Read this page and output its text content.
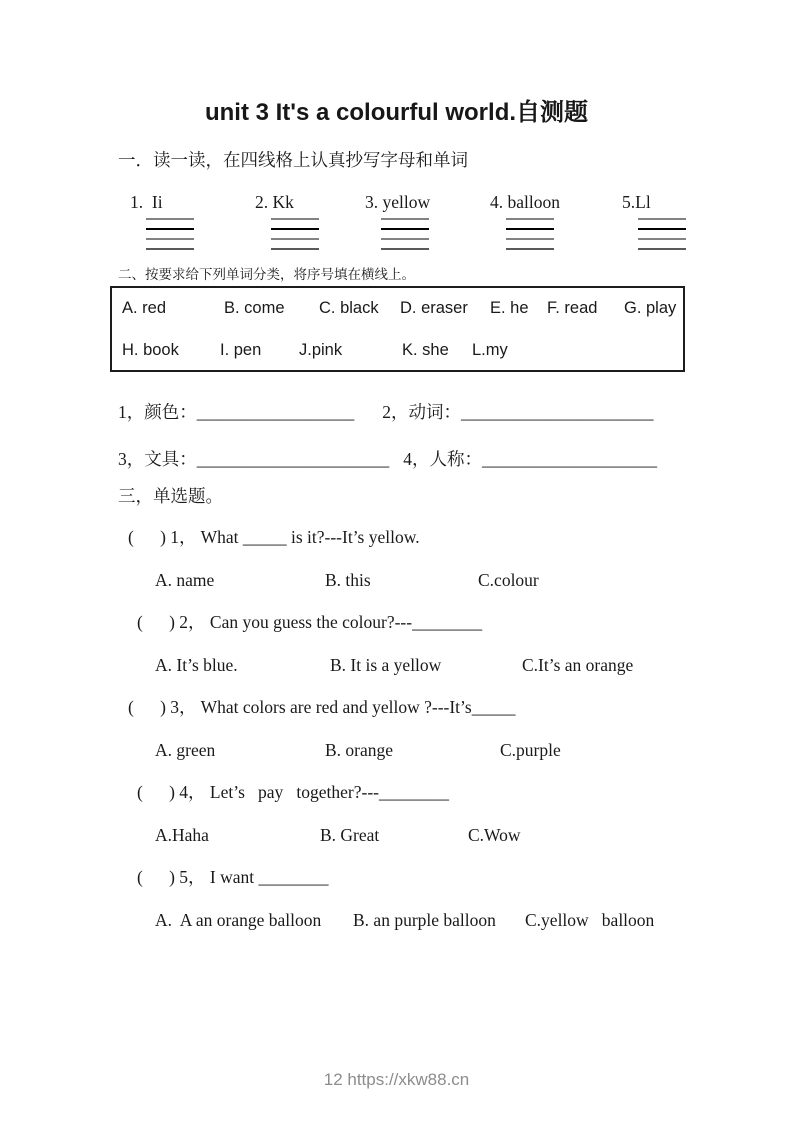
unit 3 It's a colourful world.自测题
一．读一读，在四线格上认真抄写字母和单词
1.  Ii	2. Kk	3. yellow	4. balloon	5.Ll
二、按要求给下列单词分类，将序号填在横线上。
A. red	B. come	C. black	D. eraser	E. he	F. read	G. play
H. book	I. pen	J.pink	K. she	L.my
1，颜色：__________________ 2，动词：______________________
3，文具：______________________ 4，人称：____________________
三，单选题。
(      ) 1， What _____ is it?---It’s yellow.
A. name	B. this	C.colour
(      ) 2， Can you guess the colour?---________
A. It’s blue.	B. It is a yellow	C.It’s an orange
(      ) 3， What colors are red and yellow ?---It’s_____
A. green	B. orange	C.purple
(      ) 4， Let’s   pay   together?---________
A.Haha	B. Great	C.Wow
(      ) 5， I want ________
A.  A an orange balloon	B. an purple balloon	C.yellow   balloon
12 https://xkw88.cn
